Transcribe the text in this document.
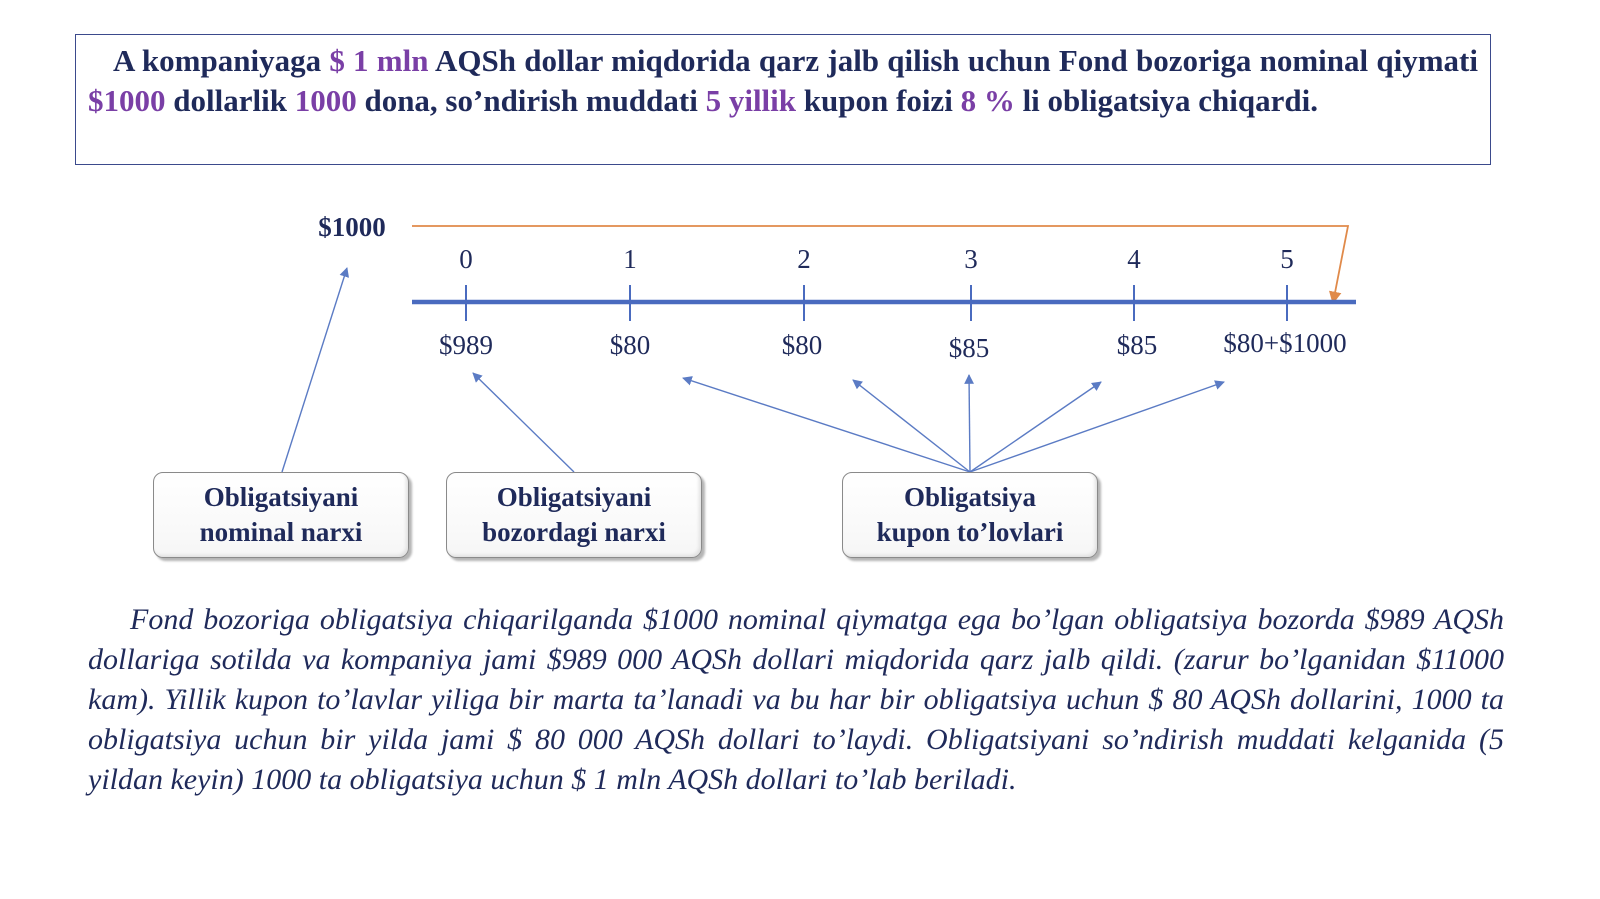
A kompaniyaga $ 1 mln AQSh dollar miqdorida qarz jalb qilish uchun Fond bozoriga nominal qiymati $1000 dollarlik 1000 dona, so’ndirish muddati 5 yillik kupon foizi 8 % li obligatsiya chiqardi.

$1000
0	1	2	3	4	5
$989	$80	$80	$85	$85 $80+$1000
Obligatsiyani
nominal narxi
Obligatsiyani
bozordagi narxi
Obligatsiya
kupon to’lovlari

Fond bozoriga obligatsiya chiqarilganda $1000 nominal qiymatga ega bo’lgan obligatsiya bozorda $989 AQSh dollariga sotilda va kompaniya jami $989 000 AQSh dollari miqdorida qarz jalb qildi. (zarur bo’lganidan $11000 kam). Yillik kupon to’lavlar yiliga bir marta ta’lanadi va bu har bir obligatsiya uchun $ 80 AQSh dollarini, 1000 ta obligatsiya uchun bir yilda jami $ 80 000 AQSh dollari to’laydi. Obligatsiyani so’ndirish muddati kelganida (5 yildan keyin) 1000 ta obligatsiya uchun $ 1 mln AQSh dollari to’lab beriladi.
